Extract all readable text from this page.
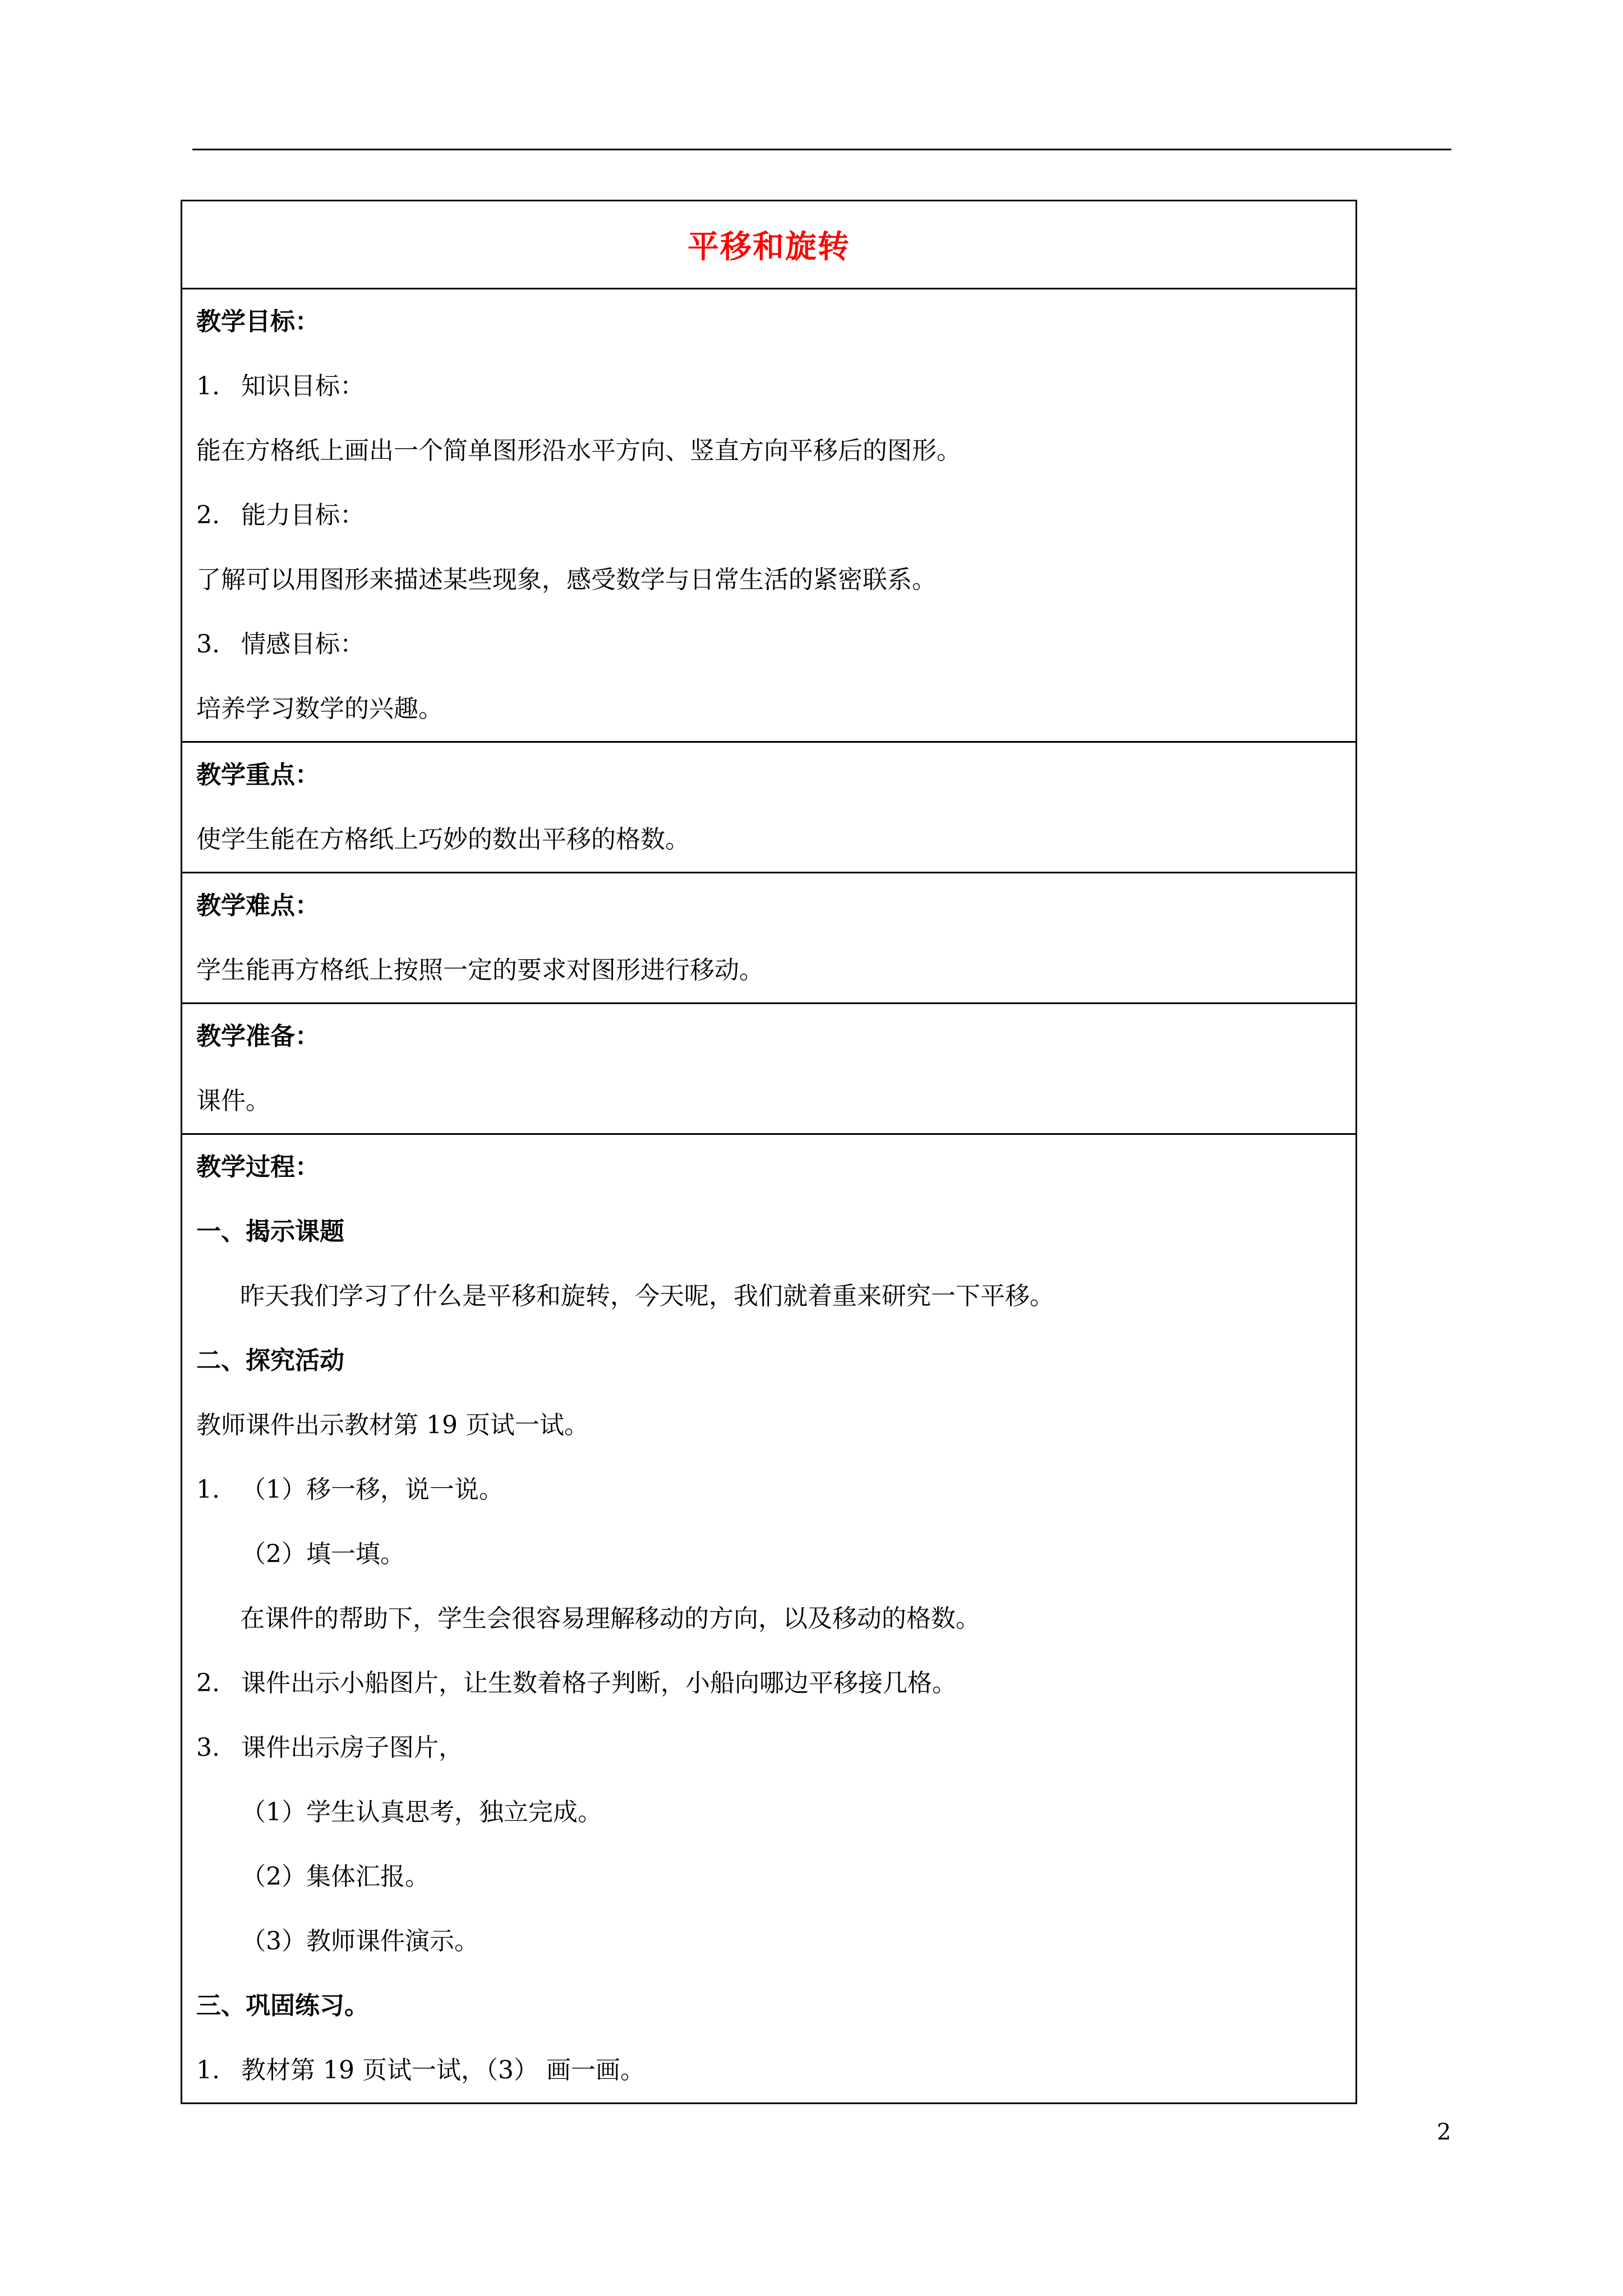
平移和旋转
教学目标：
1. 知识目标：
能在方格纸上画出一个简单图形沿水平方向、竖直方向平移后的图形。
2. 能力目标：
了解可以用图形来描述某些现象，感受数学与日常生活的紧密联系。
3. 情感目标：
培养学习数学的兴趣。
教学重点：
使学生能在方格纸上巧妙的数出平移的格数。
教学难点：
学生能再方格纸上按照一定的要求对图形进行移动。
教学准备：
课件。
教学过程：
一、揭示课题
昨天我们学习了什么是平移和旋转，今天呢，我们就着重来研究一下平移。
二、探究活动
教师课件出示教材第 19 页试一试。
1. （1）移一移，说一说。
（2）填一填。
在课件的帮助下，学生会很容易理解移动的方向，以及移动的格数。
2. 课件出示小船图片，让生数着格子判断，小船向哪边平移接几格。
3. 课件出示房子图片，
（1）学生认真思考，独立完成。
（2）集体汇报。
（3）教师课件演示。
三、巩固练习。
1. 教材第 19 页试一试，（3） 画一画。
2
